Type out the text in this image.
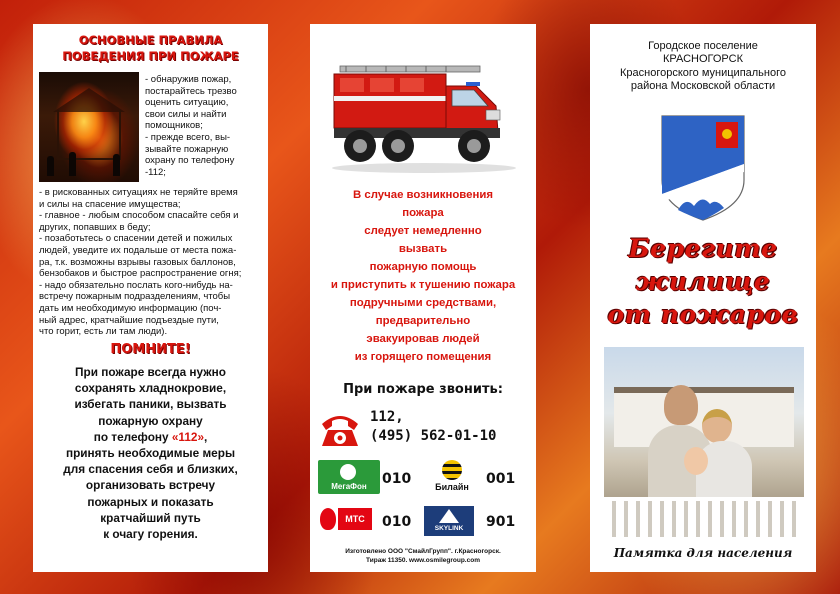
ОСНОВНЫЕ ПРАВИЛА
ПОВЕДЕНИЯ ПРИ ПОЖАРЕ

- обнаружив пожар,

постарайтесь трезво

оценить ситуацию,

свои силы и найти

помощников;

- прежде всего, вы-

зывайте пожарную

охрану по телефону

-112;

- в рискованных ситуациях не теряйте время

и силы на спасение имущества;

- главное - любым способом спасайте себя и

других, попавших в беду;

- позаботьтесь о спасении детей и пожилых

людей, уведите их подальше от места пожа-

ра, т.к. возможны взрывы газовых баллонов,

бензобаков и быстрое распространение огня;

- надо обязательно послать кого-нибудь на-

встречу пожарным подразделениям, чтобы

дать им необходимую информацию (поч-

ный адрес, кратчайшие подъездые пути,

что горит, есть ли там люди).

ПОМНИТЕ!
При пожаре всегда нужно
сохранять хладнокровие,
избегать паники, вызвать
пожарную охрану
по телефону «112»,
принять необходимые меры
для спасения себя и близких,
организовать встречу
пожарных и показать
кратчайший путь
к очагу горения.
В случае возникновения
пожара
следует немедленно
вызвать
пожарную помощь
и приступить к тушению пожара
подручными средствами,
предварительно
эвакуировав людей
из горящего помещения
При пожаре звонить:
112,
(495) 562-01-10
МегаФон	010	Билайн	001
МТС	010	SKYLINK	901
Изготовлено ООО "СмайлГрупп". г.Красногорск.
Тираж 11350. www.osmilegroup.com
Городское поселение
КРАСНОГОРСК
Красногорского муниципального
района Московской области
Берегите
жилище
от пожаров
Памятка для населения
